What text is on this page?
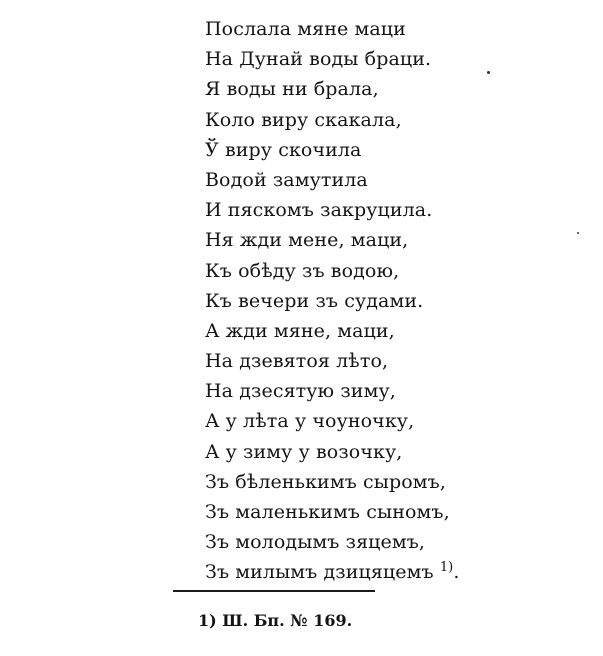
Послала мяне маци
На Дунай воды браци.
Я воды ни брала,
Коло виру скакала,
Ў виру скочила
Водой замутила
И пяскомъ закруцила.
Ня жди мене, маци,
Къ обѣду зъ водою,
Къ вечери зъ судами.
А жди мяне, маци,
На дзевятоя лѣто,
На дзесятую зиму,
А у лѣта у чоуночку,
А у зиму у возочку,
Зъ бѣленькимъ сыромъ,
Зъ маленькимъ сыномъ,
Зъ молодымъ зяцемъ,
Зъ милымъ дзицяцемъ $^{1)}$.
1) Ш. Бп. № 169.
